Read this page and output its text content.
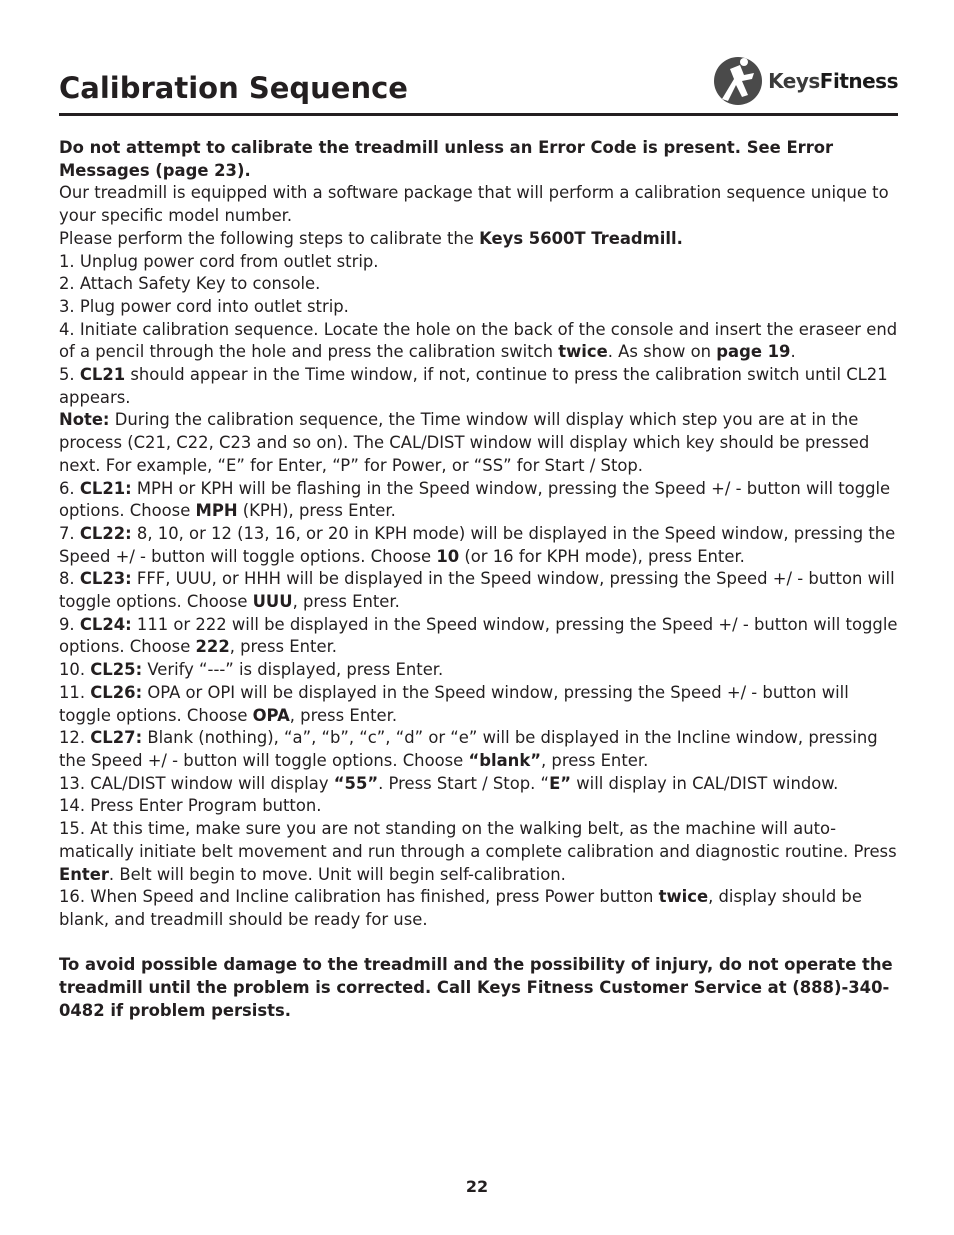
Calibration Sequence	KeysFitness

Do not attempt to calibrate the treadmill unless an Error Code is present. See Error Messages (page 23).

Our treadmill is equipped with a software package that will perform a calibration sequence unique to your specific model number.

Please perform the following steps to calibrate the Keys 5600T Treadmill.

1. Unplug power cord from outlet strip.

2. Attach Safety Key to console.

3. Plug power cord into outlet strip.

4. Initiate calibration sequence. Locate the hole on the back of the console and insert the eraseer end of a pencil through the hole and press the calibration switch twice. As show on page 19.

5. CL21 should appear in the Time window, if not, continue to press the calibration switch until CL21 appears.

Note: During the calibration sequence, the Time window will display which step you are at in the process (C21, C22, C23 and so on). The CAL/DIST window will display which key should be pressed next. For example, “E” for Enter, “P” for Power, or “SS” for Start / Stop.

6. CL21: MPH or KPH will be flashing in the Speed window, pressing the Speed +/ - button will toggle options. Choose MPH (KPH), press Enter.

7. CL22: 8, 10, or 12 (13, 16, or 20 in KPH mode) will be displayed in the Speed window, pressing the Speed +/ - button will toggle options. Choose 10 (or 16 for KPH mode), press Enter.

8. CL23: FFF, UUU, or HHH will be displayed in the Speed window, pressing the Speed +/ - button will toggle options. Choose UUU, press Enter.

9. CL24: 111 or 222 will be displayed in the Speed window, pressing the Speed +/ - button will toggle options. Choose 222, press Enter.

10. CL25: Verify “---” is displayed, press Enter.

11. CL26: OPA or OPI will be displayed in the Speed window, pressing the Speed +/ - button will toggle options. Choose OPA, press Enter.

12. CL27: Blank (nothing), “a”, “b”, “c”, “d” or “e” will be displayed in the Incline window, pressing the Speed +/ - button will toggle options. Choose “blank”, press Enter.

13. CAL/DIST window will display “55”. Press Start / Stop. “E” will display in CAL/DIST window.

14. Press Enter Program button.

15. At this time, make sure you are not standing on the walking belt, as the machine will automatically initiate belt movement and run through a complete calibration and diagnostic routine. Press Enter. Belt will begin to move. Unit will begin self-calibration.

16. When Speed and Incline calibration has finished, press Power button twice, display should be blank, and treadmill should be ready for use.

To avoid possible damage to the treadmill and the possibility of injury, do not operate the treadmill until the problem is corrected. Call Keys Fitness Customer Service at (888)-340-0482 if problem persists.

22
